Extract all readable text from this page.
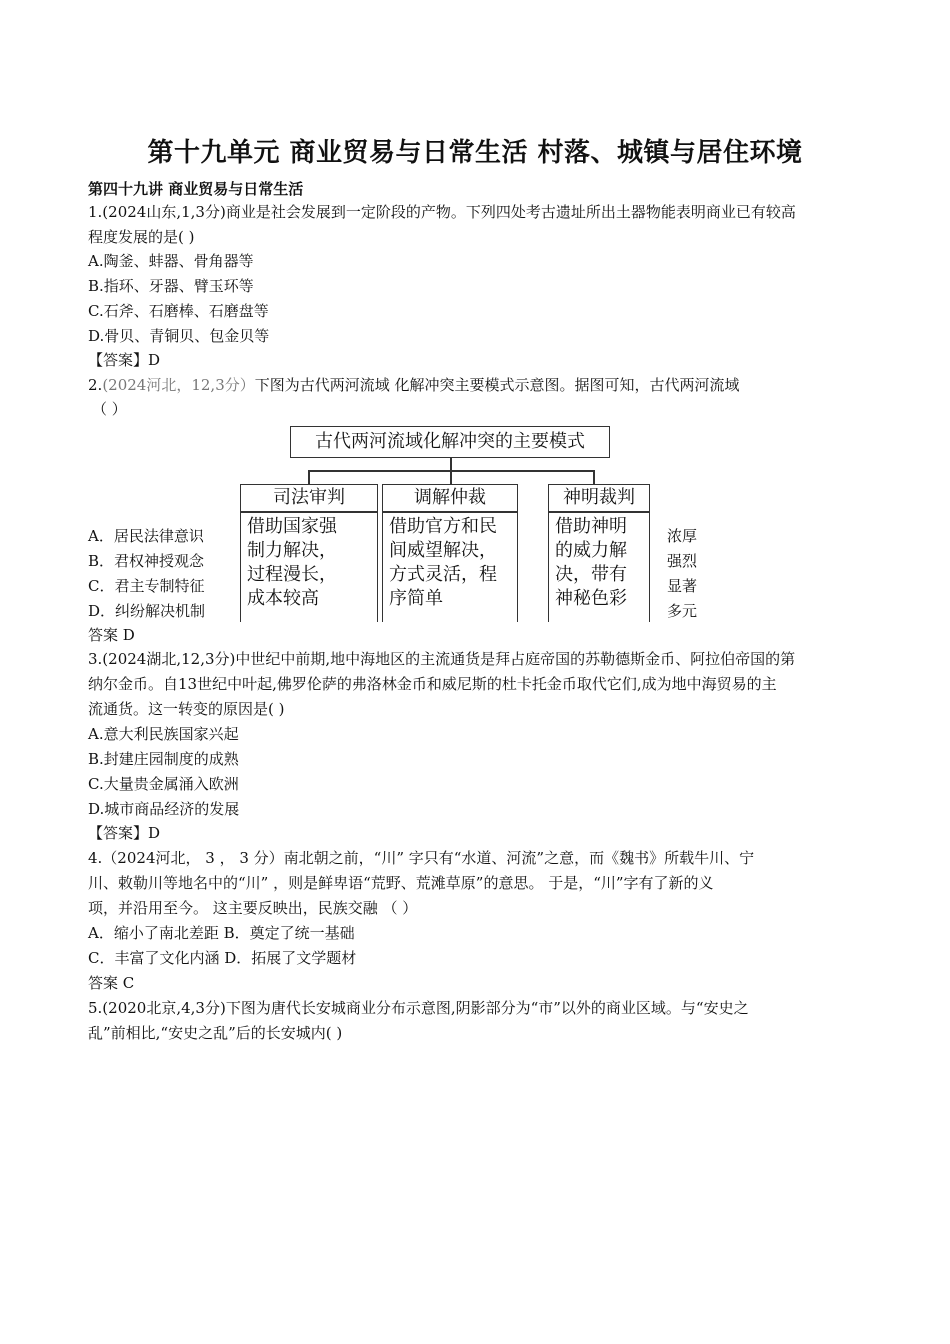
第十九单元 商业贸易与日常生活 村落、城镇与居住环境
第四十九讲 商业贸易与日常生活
1.(2024山东,1,3分)商业是社会发展到一定阶段的产物。下列四处考古遗址所出土器物能表明商业已有较高
程度发展的是( )
A.陶釜、蚌器、骨角器等
B.指环、牙器、臂玉环等
C.石斧、石磨棒、石磨盘等
D.骨贝、青铜贝、包金贝等
【答案】D
2.(2024河北，12,3分）下图为古代两河流域 化解冲突主要模式示意图。据图可知，古代两河流域
（ ）
古代两河流域化解冲突的主要模式
司法审判
借助国家强
制力解决，
过程漫长，
成本较高
调解仲裁
借助官方和民
间威望解决，
方式灵活，程
序简单
神明裁判
借助神明
的威力解
决，带有
神秘色彩
A．居民法律意识
B．君权神授观念
C．君主专制特征
D．纠纷解决机制
浓厚
强烈
显著
多元
答案 D
3.(2024湖北,12,3分)中世纪中前期,地中海地区的主流通货是拜占庭帝国的苏勒德斯金币、阿拉伯帝国的第
纳尔金币。自13世纪中叶起,佛罗伦萨的弗洛林金币和威尼斯的杜卡托金币取代它们,成为地中海贸易的主
流通货。这一转变的原因是( )
A.意大利民族国家兴起
B.封建庄园制度的成熟
C.大量贵金属涌入欧洲
D.城市商品经济的发展
【答案】D
4.（2024河北， 3 ， 3 分）南北朝之前，“川” 字只有“水道、河流”之意，而《魏书》所载牛川、宁
川、敕勒川等地名中的“川” ，则是鲜卑语“荒野、荒滩草原”的意思。 于是，“川”字有了新的义
项，并沿用至今。 这主要反映出，民族交融 （ ）
A．缩小了南北差距 B．奠定了统一基础
C．丰富了文化内涵 D．拓展了文学题材
答案 C
5.(2020北京,4,3分)下图为唐代长安城商业分布示意图,阴影部分为“市”以外的商业区域。与“安史之
乱”前相比,“安史之乱”后的长安城内( )
